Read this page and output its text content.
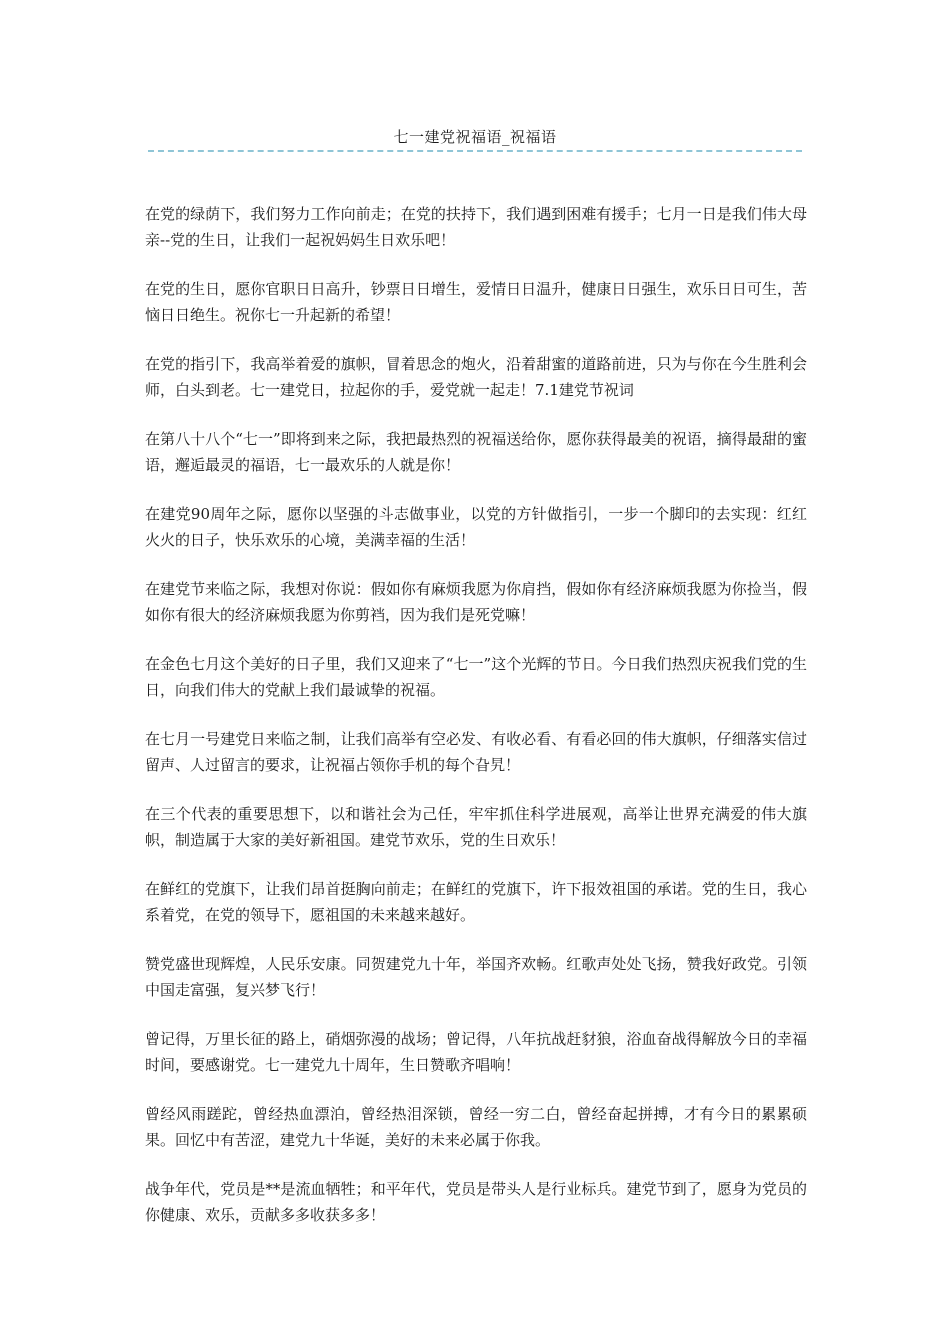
七一建党祝福语_祝福语

在党的绿荫下，我们努力工作向前走；在党的扶持下，我们遇到困难有援手；七月一日是我们伟大母亲--党的生日，让我们一起祝妈妈生日欢乐吧！

在党的生日，愿你官职日日高升，钞票日日增生，爱情日日温升，健康日日强生，欢乐日日可生，苦恼日日绝生。祝你七一升起新的希望！

在党的指引下，我高举着爱的旗帜，冒着思念的炮火，沿着甜蜜的道路前进，只为与你在今生胜利会师，白头到老。七一建党日，拉起你的手，爱党就一起走！7.1建党节祝词

在第八十八个“七一”即将到来之际，我把最热烈的祝福送给你，愿你获得最美的祝语，摘得最甜的蜜语，邂逅最灵的福语，七一最欢乐的人就是你！

在建党90周年之际，愿你以坚强的斗志做事业，以党的方针做指引，一步一个脚印的去实现：红红火火的日子，快乐欢乐的心境，美满幸福的生活！

在建党节来临之际，我想对你说：假如你有麻烦我愿为你肩挡，假如你有经济麻烦我愿为你捡当，假如你有很大的经济麻烦我愿为你剪裆，因为我们是死党嘛！

在金色七月这个美好的日子里，我们又迎来了“七一”这个光辉的节日。今日我们热烈庆祝我们党的生日，向我们伟大的党献上我们最诚挚的祝福。

在七月一号建党日来临之制，让我们高举有空必发、有收必看、有看必回的伟大旗帜，仔细落实信过留声、人过留言的要求，让祝福占领你手机的每个旮旯！

在三个代表的重要思想下，以和谐社会为己任，牢牢抓住科学进展观，高举让世界充满爱的伟大旗帜，制造属于大家的美好新祖国。建党节欢乐，党的生日欢乐！

在鲜红的党旗下，让我们昂首挺胸向前走；在鲜红的党旗下，许下报效祖国的承诺。党的生日，我心系着党，在党的领导下，愿祖国的未来越来越好。

赞党盛世现辉煌，人民乐安康。同贺建党九十年，举国齐欢畅。红歌声处处飞扬，赞我好政党。引领中国走富强，复兴梦飞行！

曾记得，万里长征的路上，硝烟弥漫的战场；曾记得，八年抗战赶豺狼，浴血奋战得解放今日的幸福时间，要感谢党。七一建党九十周年，生日赞歌齐唱响！

曾经风雨蹉跎，曾经热血漂泊，曾经热泪深锁，曾经一穷二白，曾经奋起拼搏，才有今日的累累硕果。回忆中有苦涩，建党九十华诞，美好的未来必属于你我。

战争年代，党员是**是流血牺牲；和平年代，党员是带头人是行业标兵。建党节到了，愿身为党员的你健康、欢乐，贡献多多收获多多！
